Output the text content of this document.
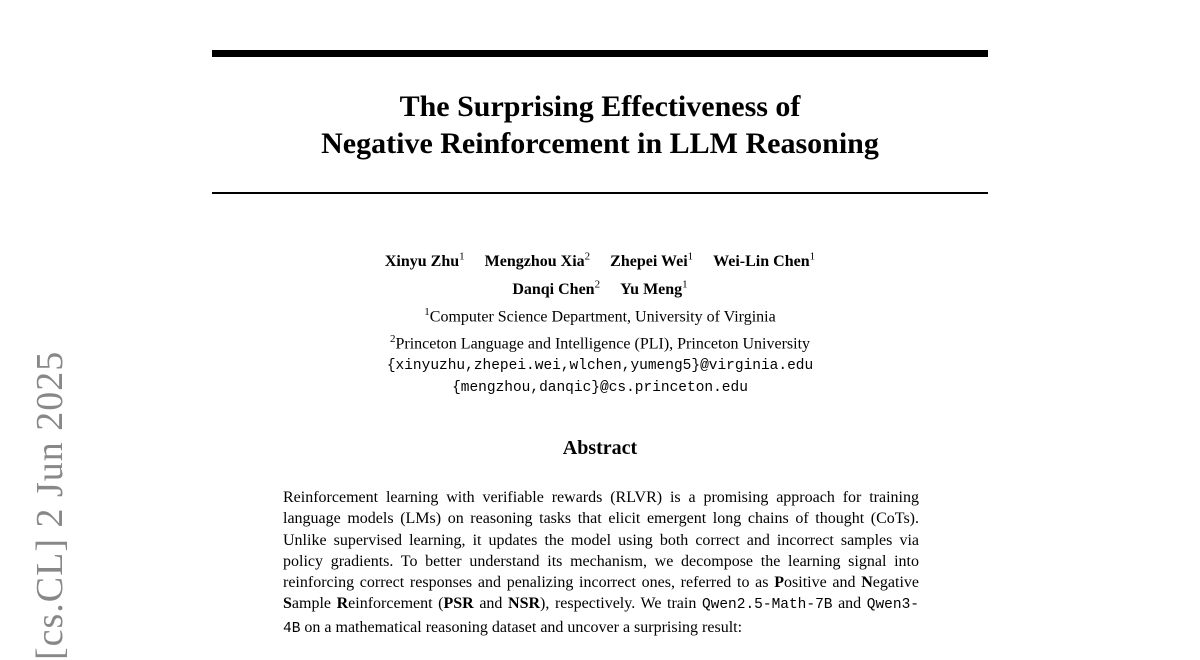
[cs.CL] 2 Jun 2025
The Surprising Effectiveness of
Negative Reinforcement in LLM Reasoning
Xinyu Zhu$^1$ Mengzhou Xia$^2$ Zhepei Wei$^1$ Wei-Lin Chen$^1$
Danqi Chen$^2$ Yu Meng$^1$
$^1$Computer Science Department, University of Virginia
$^2$Princeton Language and Intelligence (PLI), Princeton University
{xinyuzhu,zhepei.wei,wlchen,yumeng5}@virginia.edu
{mengzhou,danqic}@cs.princeton.edu
Abstract

Reinforcement learning with verifiable rewards (RLVR) is a promising approach for training language models (LMs) on reasoning tasks that elicit emergent long chains of thought (CoTs). Unlike supervised learning, it updates the model using both correct and incorrect samples via policy gradients. To better understand its mechanism, we decompose the learning signal into reinforcing correct responses and penalizing incorrect ones, referred to as Positive and Negative Sample Reinforcement (PSR and NSR), respectively. We train Qwen2.5-Math-7B and Qwen3-4B on a mathematical reasoning dataset and uncover a surprising result:
